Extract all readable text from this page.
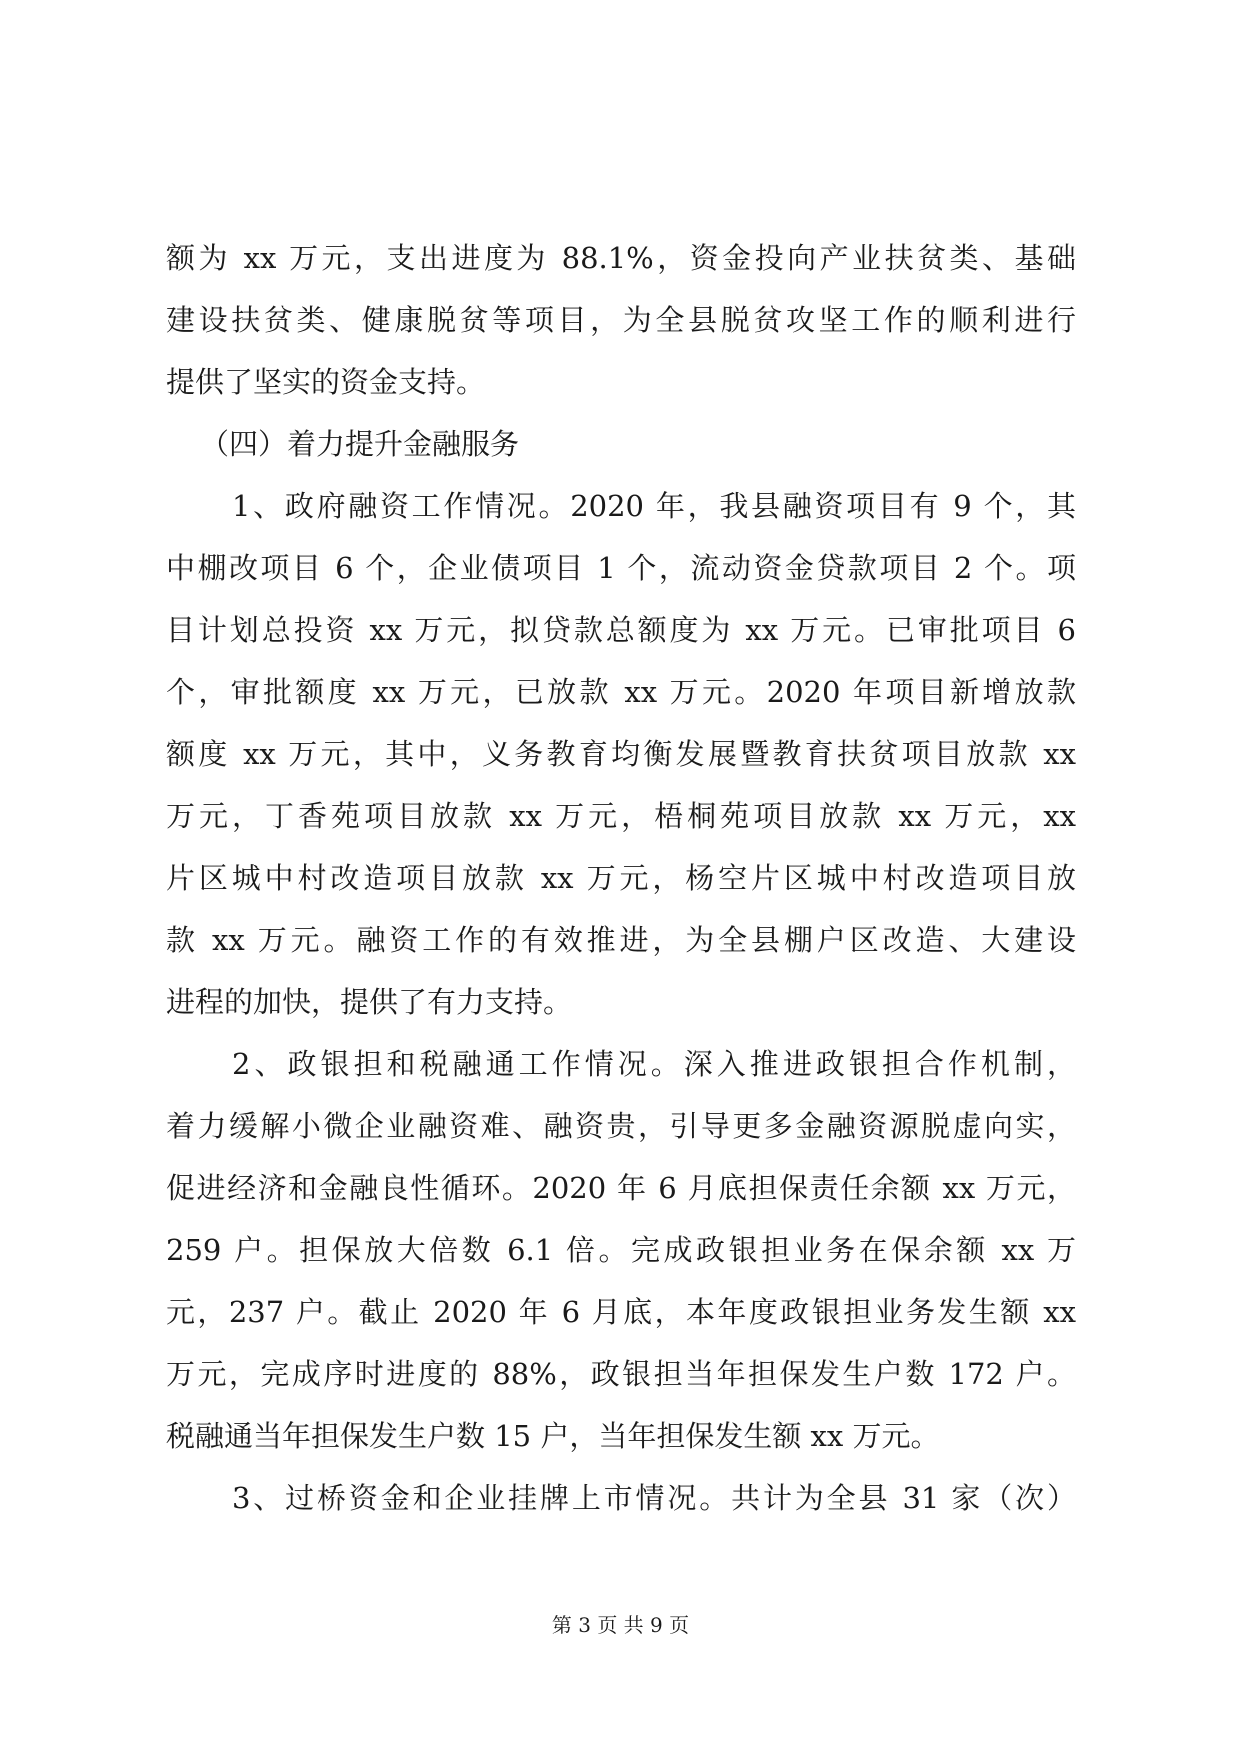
额为 xx 万元，支出进度为 88.1%，资金投向产业扶贫类、基础
建设扶贫类、健康脱贫等项目，为全县脱贫攻坚工作的顺利进行
提供了坚实的资金支持。
（四）着力提升金融服务
1、政府融资工作情况。2020 年，我县融资项目有 9 个，其
中棚改项目 6 个，企业债项目 1 个，流动资金贷款项目 2 个。项
目计划总投资 xx 万元，拟贷款总额度为 xx 万元。已审批项目 6
个，审批额度 xx 万元，已放款 xx 万元。2020 年项目新增放款
额度 xx 万元，其中，义务教育均衡发展暨教育扶贫项目放款 xx
万元，丁香苑项目放款 xx 万元，梧桐苑项目放款 xx 万元，xx
片区城中村改造项目放款 xx 万元，杨空片区城中村改造项目放
款 xx 万元。融资工作的有效推进，为全县棚户区改造、大建设
进程的加快，提供了有力支持。
2、政银担和税融通工作情况。深入推进政银担合作机制，
着力缓解小微企业融资难、融资贵，引导更多金融资源脱虚向实，
促进经济和金融良性循环。2020 年 6 月底担保责任余额 xx 万元，
259 户。担保放大倍数 6.1 倍。完成政银担业务在保余额 xx 万
元，237 户。截止 2020 年 6 月底，本年度政银担业务发生额 xx
万元，完成序时进度的 88%，政银担当年担保发生户数 172 户。
税融通当年担保发生户数 15 户，当年担保发生额 xx 万元。
3、过桥资金和企业挂牌上市情况。共计为全县 31 家（次）
第 3 页 共 9 页
